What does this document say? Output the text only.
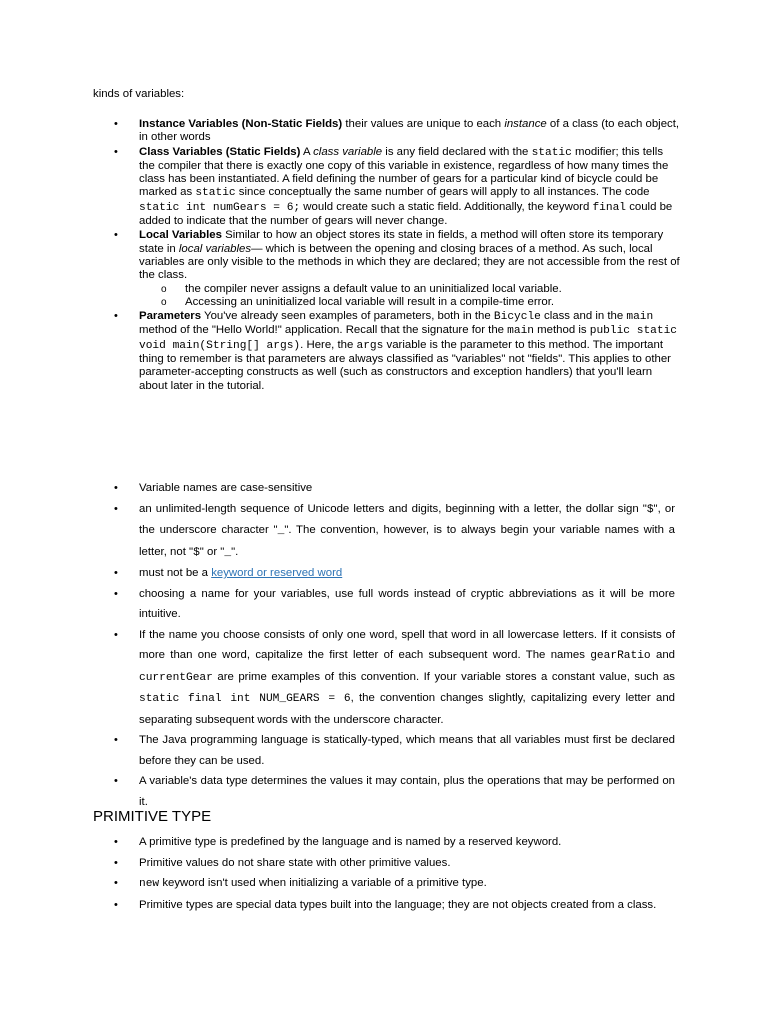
kinds of variables:
• Instance Variables (Non-Static Fields) their values are unique to each instance of a class (to each object, in other words
• Class Variables (Static Fields) A class variable is any field declared with the static modifier; this tells the compiler that there is exactly one copy of this variable in existence, regardless of how many times the class has been instantiated. A field defining the number of gears for a particular kind of bicycle could be marked as static since conceptually the same number of gears will apply to all instances. The code static int numGears = 6; would create such a static field. Additionally, the keyword final could be added to indicate that the number of gears will never change.
• Local Variables Similar to how an object stores its state in fields, a method will often store its temporary state in local variables— which is between the opening and closing braces of a method. As such, local variables are only visible to the methods in which they are declared; they are not accessible from the rest of the class.
o the compiler never assigns a default value to an uninitialized local variable.
o Accessing an uninitialized local variable will result in a compile-time error.
• Parameters You've already seen examples of parameters, both in the Bicycle class and in the main method of the "Hello World!" application. Recall that the signature for the main method is public static void main(String[] args). Here, the args variable is the parameter to this method. The important thing to remember is that parameters are always classified as "variables" not "fields". This applies to other parameter-accepting constructs as well (such as constructors and exception handlers) that you'll learn about later in the tutorial.
• Variable names are case-sensitive
• an unlimited-length sequence of Unicode letters and digits, beginning with a letter, the dollar sign "$", or the underscore character "_". The convention, however, is to always begin your variable names with a letter, not "$" or "_".
• must not be a keyword or reserved word
• choosing a name for your variables, use full words instead of cryptic abbreviations as it will be more intuitive.
• If the name you choose consists of only one word, spell that word in all lowercase letters. If it consists of more than one word, capitalize the first letter of each subsequent word. The names gearRatio and currentGear are prime examples of this convention. If your variable stores a constant value, such as static final int NUM_GEARS = 6, the convention changes slightly, capitalizing every letter and separating subsequent words with the underscore character.
• The Java programming language is statically-typed, which means that all variables must first be declared before they can be used.
• A variable's data type determines the values it may contain, plus the operations that may be performed on it.
PRIMITIVE TYPE
• A primitive type is predefined by the language and is named by a reserved keyword.
• Primitive values do not share state with other primitive values.
• new keyword isn't used when initializing a variable of a primitive type.
• Primitive types are special data types built into the language; they are not objects created from a class.
